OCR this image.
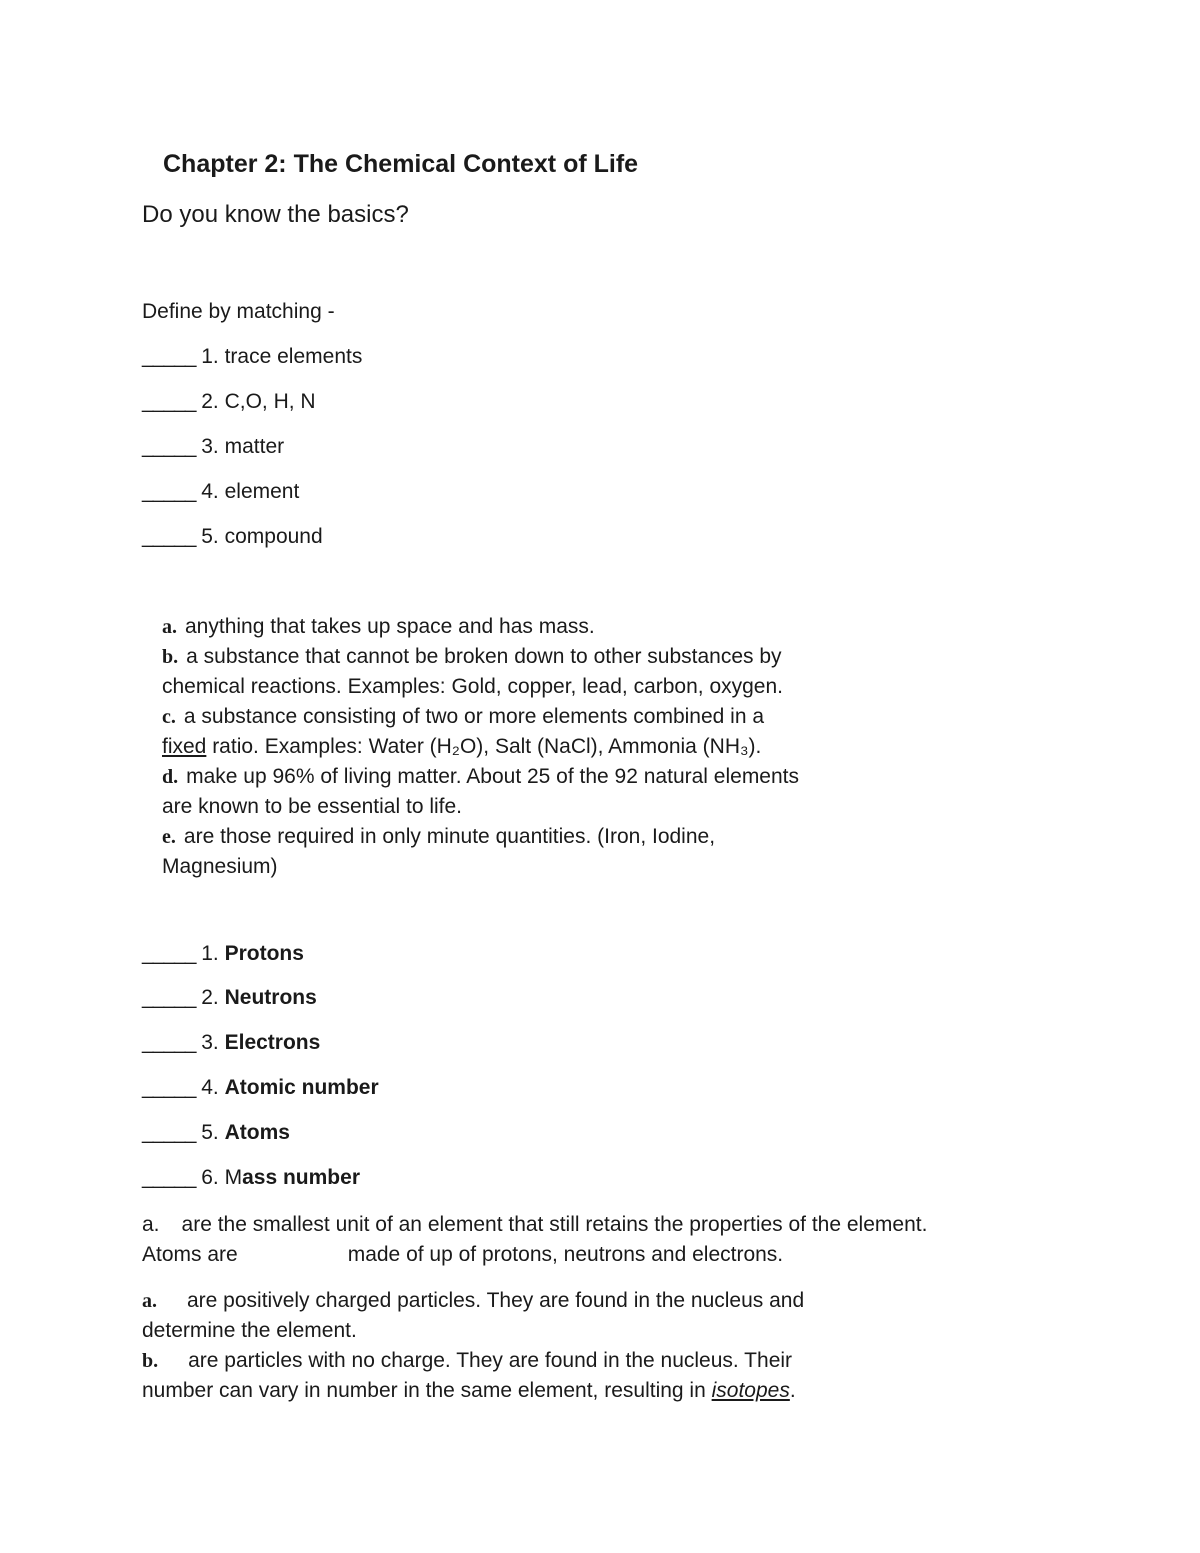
Chapter 2: The Chemical Context of Life
Do you know the basics?
Define by matching -
_____ 1. trace elements
_____ 2. C,O, H, N
_____ 3. matter
_____ 4. element
_____ 5. compound

a. anything that takes up space and has mass.

b. a substance that cannot be broken down to other substances by
chemical reactions. Examples: Gold, copper, lead, carbon, oxygen.

c. a substance consisting of two or more elements combined in a
fixed ratio. Examples: Water (H₂O), Salt (NaCl), Ammonia (NH₃).

d. make up 96% of living matter. About 25 of the 92 natural elements
are known to be essential to life.

e. are those required in only minute quantities. (Iron, Iodine,
Magnesium)

_____ 1. Protons
_____ 2. Neutrons
_____ 3. Electrons
_____ 4. Atomic number
_____ 5. Atoms
_____ 6. Mass number

a. are the smallest unit of an element that still retains the properties of the element.
Atoms are	made of up of protons, neutrons and electrons.

a. are positively charged particles. They are found in the nucleus and
determine the element.

b. are particles with no charge. They are found in the nucleus. Their
number can vary in number in the same element, resulting in isotopes.
